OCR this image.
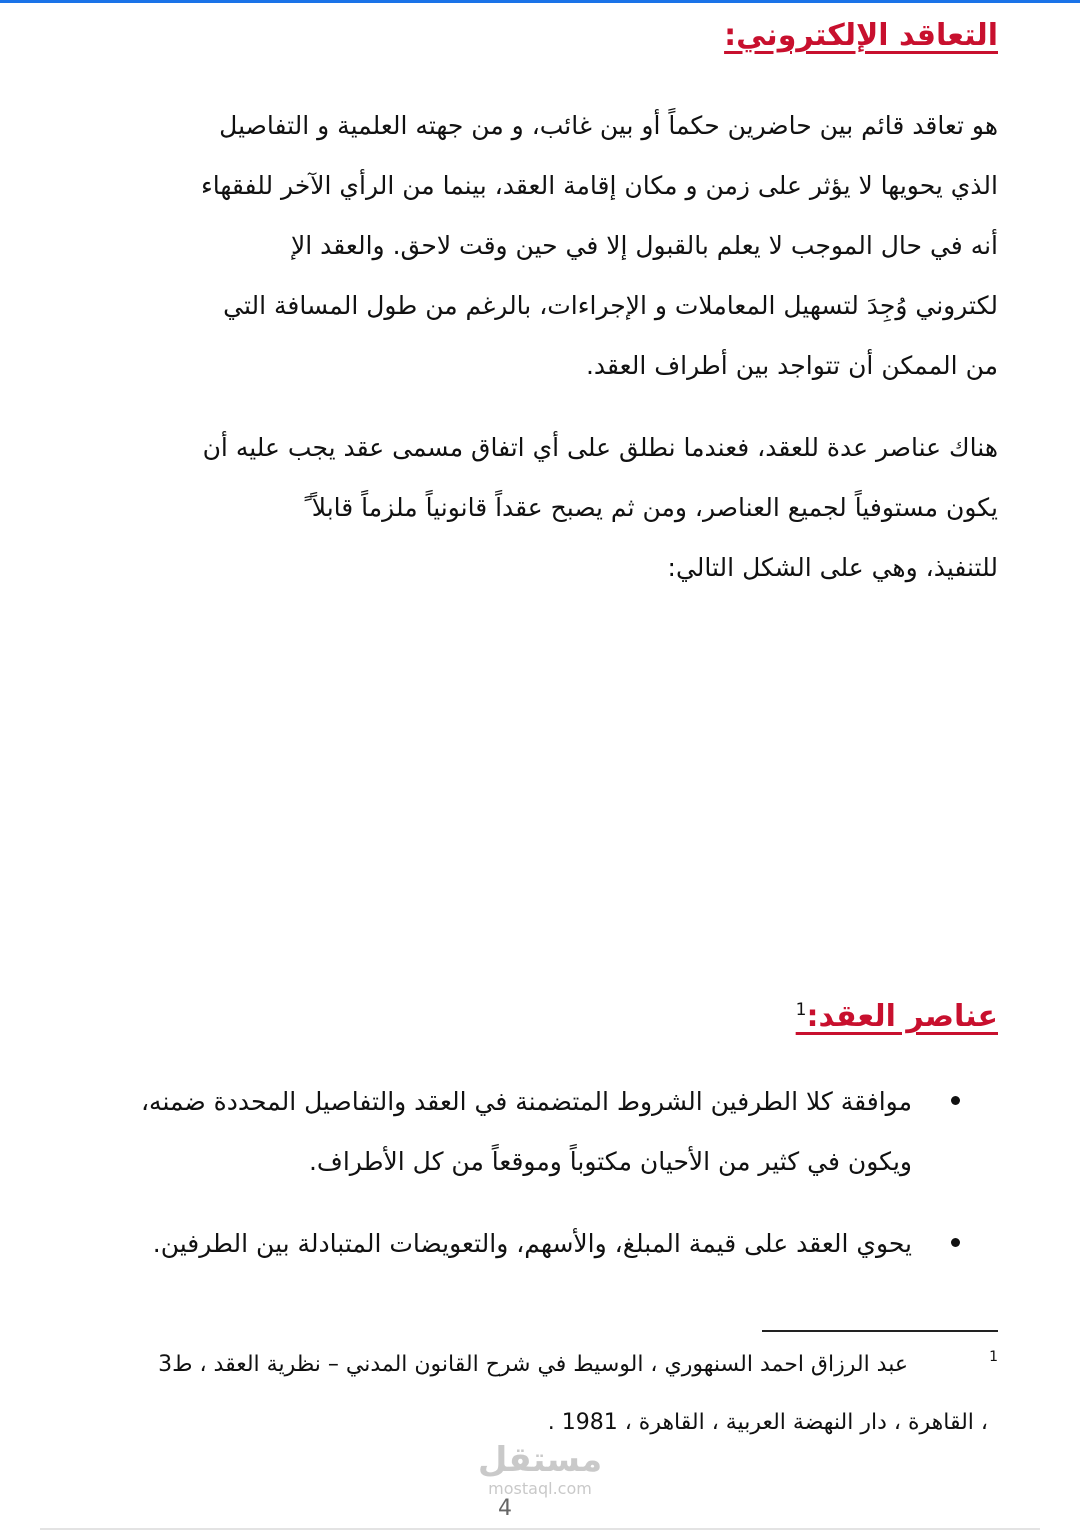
التعاقد الإلكتروني:
هو تعاقد قائم بين حاضرين حكماً أو بين غائب، و من جهته العلمية و التفاصيل
الذي يحويها لا يؤثر على زمن و مكان إقامة العقد، بينما من الرأي الآخر للفقهاء
أنه في حال الموجب لا يعلم بالقبول إلا في حين وقت لاحق. والعقد الإ
لكتروني وُجِدَ لتسهيل المعاملات و الإجراءات، بالرغم من طول المسافة التي
من الممكن أن تتواجد بين أطراف العقد.
هناك عناصر عدة للعقد، فعندما نطلق على أي اتفاق مسمى عقد يجب عليه أن
يكون مستوفياً لجميع العناصر، ومن ثم يصبح عقداً قانونياً ملزماً قابلاً ً
للتنفيذ، وهي على الشكل التالي:
عناصر العقد:$^1$
موافقة كلا الطرفين الشروط المتضمنة في العقد والتفاصيل المحددة ضمنه،
ويكون في كثير من الأحيان مكتوباً وموقعاً من كل الأطراف.
يحوي العقد على قيمة المبلغ، والأسهم، والتعويضات المتبادلة بين الطرفين.
1
عبد الرزاق احمد السنهوري ، الوسيط في شرح القانون المدني – نظرية العقد ، ط3
، القاهرة ، دار النهضة العربية ، القاهرة ، 1981 .
مستقل
mostaql.com
4
